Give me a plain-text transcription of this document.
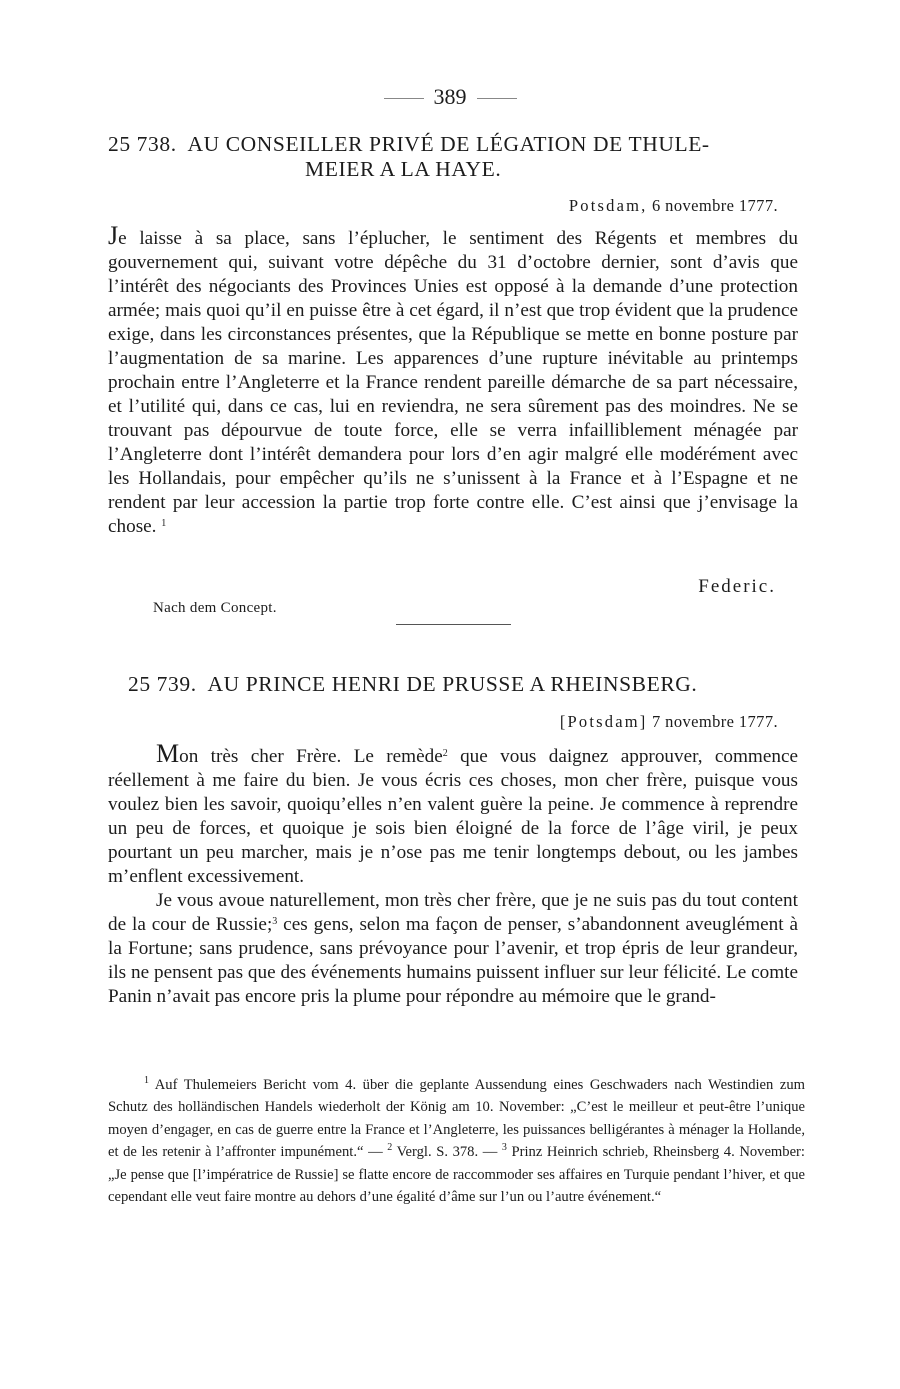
389
25 738. AU CONSEILLER PRIVÉ DE LÉGATION DE THULE-
MEIER A LA HAYE.
Potsdam, 6 novembre 1777.

Je laisse à sa place, sans l’éplucher, le sentiment des Régents et membres du gouvernement qui, suivant votre dépêche du 31 d’octobre dernier, sont d’avis que l’intérêt des négociants des Provinces Unies est opposé à la demande d’une protection armée; mais quoi qu’il en puisse être à cet égard, il n’est que trop évident que la prudence exige, dans les circonstances présentes, que la République se mette en bonne posture par l’augmentation de sa marine. Les apparences d’une rupture inévitable au printemps prochain entre l’Angleterre et la France rendent pareille démarche de sa part nécessaire, et l’utilité qui, dans ce cas, lui en reviendra, ne sera sûrement pas des moindres. Ne se trouvant pas dépourvue de toute force, elle se verra infailliblement ménagée par l’Angleterre dont l’intérêt demandera pour lors d’en agir malgré elle modérément avec les Hollandais, pour empêcher qu’ils ne s’unissent à la France et à l’Espagne et ne rendent par leur accession la partie trop forte contre elle. C’est ainsi que j’envisage la chose. $^1$

Federic.
Nach dem Concept.
25 739. AU PRINCE HENRI DE PRUSSE A RHEINSBERG.
[Potsdam] 7 novembre 1777.

Mon très cher Frère. Le remède$^2$ que vous daignez approuver, commence réellement à me faire du bien. Je vous écris ces choses, mon cher frère, puisque vous voulez bien les savoir, quoiqu’elles n’en valent guère la peine. Je commence à reprendre un peu de forces, et quoique je sois bien éloigné de la force de l’âge viril, je peux pourtant un peu marcher, mais je n’ose pas me tenir longtemps debout, ou les jambes m’enflent excessivement.

Je vous avoue naturellement, mon très cher frère, que je ne suis pas du tout content de la cour de Russie;$^3$ ces gens, selon ma façon de penser, s’abandonnent aveuglément à la Fortune; sans prudence, sans prévoyance pour l’avenir, et trop épris de leur grandeur, ils ne pensent pas que des événements humains puissent influer sur leur félicité. Le comte Panin n’avait pas encore pris la plume pour répondre au mémoire que le grand-

$^1$ Auf Thulemeiers Bericht vom 4. über die geplante Aussendung eines Geschwaders nach Westindien zum Schutz des holländischen Handels wiederholt der König am 10. November: „C’est le meilleur et peut-être l’unique moyen d’engager, en cas de guerre entre la France et l’Angleterre, les puissances belligérantes à ménager la Hollande, et de les retenir à l’affronter impunément.“ — $^2$ Vergl. S. 378. — $^3$ Prinz Heinrich schrieb, Rheinsberg 4. November: „Je pense que [l’impératrice de Russie] se flatte encore de raccommoder ses affaires en Turquie pendant l’hiver, et que cependant elle veut faire montre au dehors d’une égalité d’âme sur l’un ou l’autre événement.“
